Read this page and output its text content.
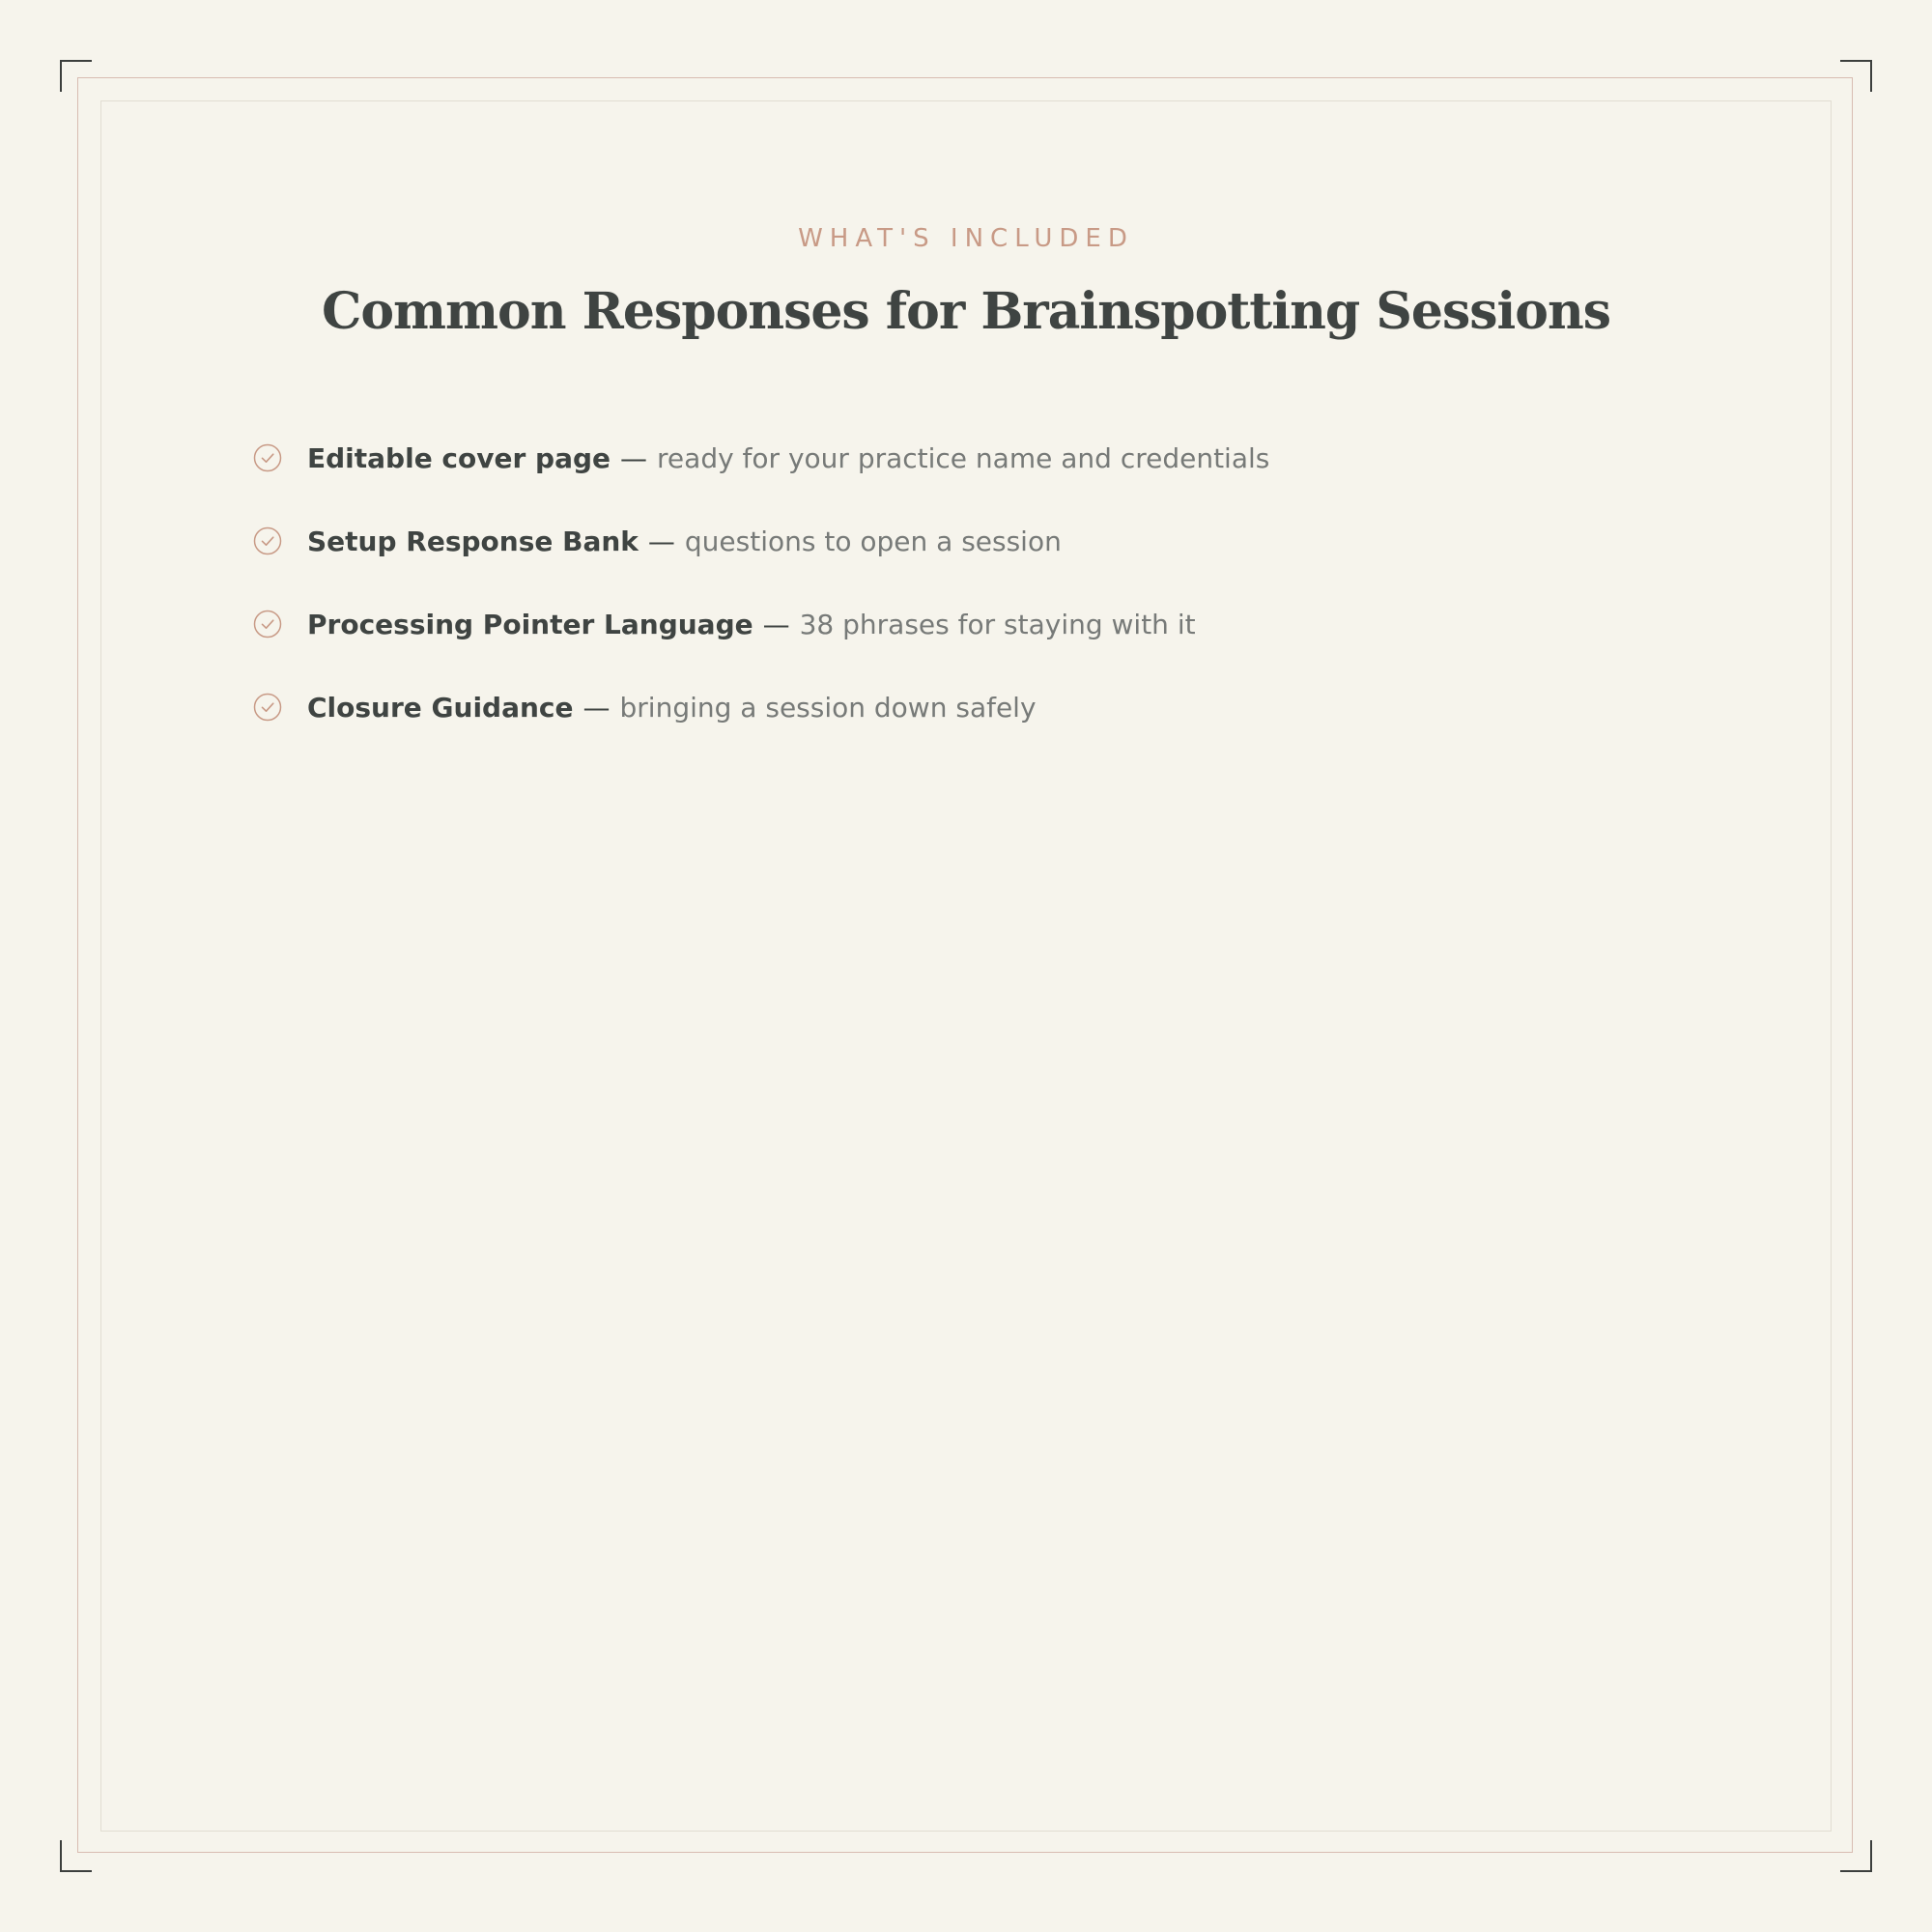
WHAT'S INCLUDED
Common Responses for Brainspotting Sessions
Editable cover page — ready for your practice name and credentials
Setup Response Bank — questions to open a session
Processing Pointer Language — 38 phrases for staying with it
Closure Guidance — bringing a session down safely
